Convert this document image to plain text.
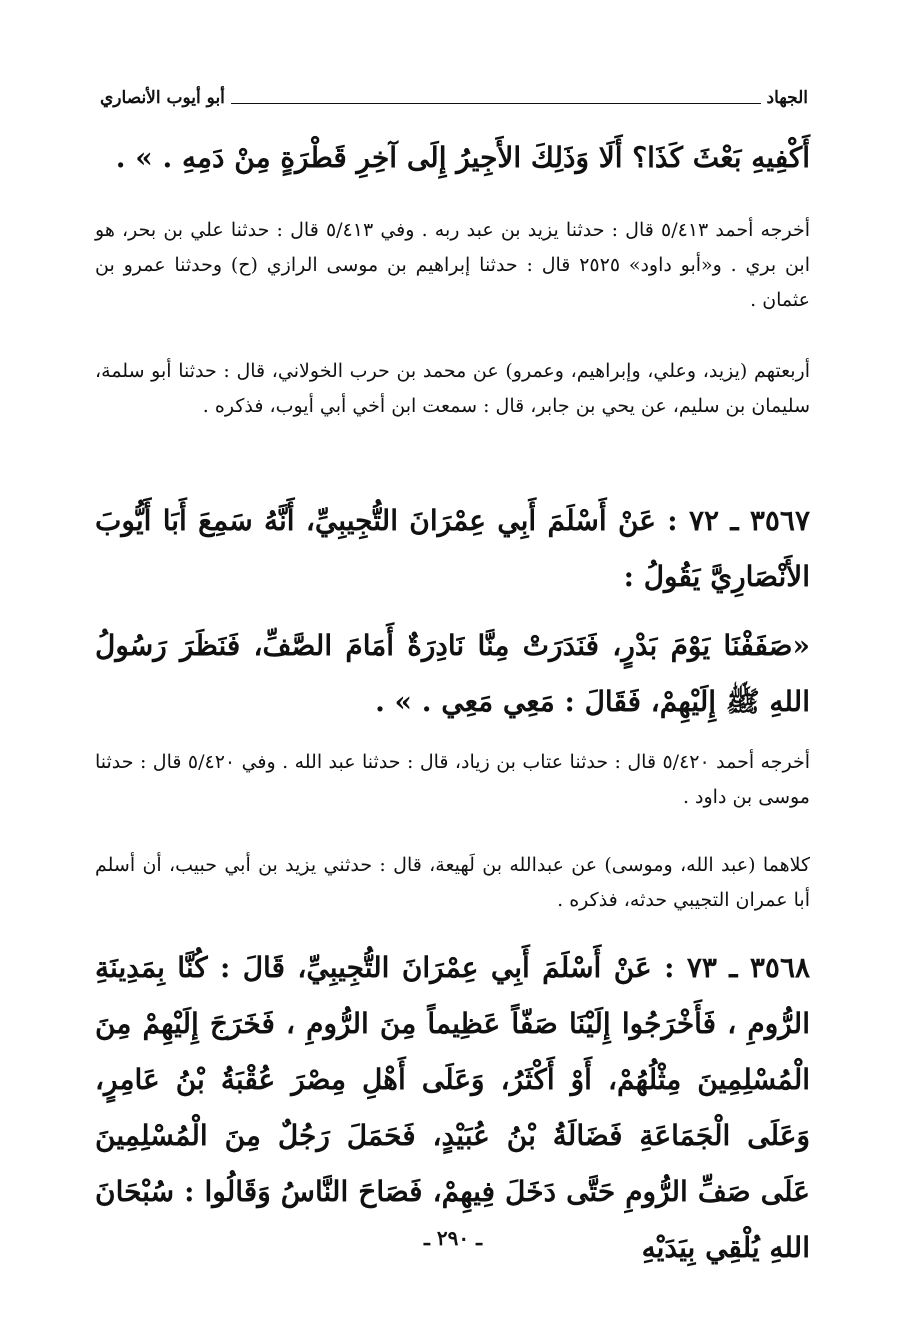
الجهاد
أبو أيوب الأنصاري
أَكْفِيهِ بَعْثَ كَذَا؟ أَلَا وَذَلِكَ الأَجِيرُ إِلَى آخِرِ قَطْرَةٍ مِنْ دَمِهِ . » .
أخرجه أحمد ٥/٤١٣ قال : حدثنا يزيد بن عبد ربه . وفي ٥/٤١٣ قال : حدثنا علي بن بحر، هو ابن بري . و«أبو داود» ٢٥٢٥ قال : حدثنا إبراهيم بن موسى الرازي (ح) وحدثنا عمرو بن عثمان .
أربعتهم (يزيد، وعلي، وإبراهيم، وعمرو) عن محمد بن حرب الخولاني، قال : حدثنا أبو سلمة، سليمان بن سليم، عن يحي بن جابر، قال : سمعت ابن أخي أبي أيوب، فذكره .
٣٥٦٧ ـ ٧٢ : عَنْ أَسْلَمَ أَبِي عِمْرَانَ التُّجِيبِيِّ، أَنَّهُ سَمِعَ أَبَا أَيُّوبَ الأَنْصَارِيَّ يَقُولُ :
«صَفَفْنَا يَوْمَ بَدْرٍ، فَنَدَرَتْ مِنَّا نَادِرَةٌ أَمَامَ الصَّفِّ، فَنَظَرَ رَسُولُ اللهِ ﷺ إِلَيْهِمْ، فَقَالَ : مَعِي مَعِي . » .
أخرجه أحمد ٥/٤٢٠ قال : حدثنا عتاب بن زياد، قال : حدثنا عبد الله . وفي ٥/٤٢٠ قال : حدثنا موسى بن داود .
كلاهما (عبد الله، وموسى) عن عبدالله بن لَهيعة، قال : حدثني يزيد بن أبي حبيب، أن أسلم أبا عمران التجيبي حدثه، فذكره .
٣٥٦٨ ـ ٧٣ : عَنْ أَسْلَمَ أَبِي عِمْرَانَ التُّجِيبِيِّ، قَالَ : كُنَّا بِمَدِينَةِ الرُّومِ ، فَأَخْرَجُوا إِلَيْنَا صَفّاً عَظِيماً مِنَ الرُّومِ ، فَخَرَجَ إِلَيْهِمْ مِنَ الْمُسْلِمِينَ مِثْلُهُمْ، أَوْ أَكْثَرُ، وَعَلَى أَهْلِ مِصْرَ عُقْبَةُ بْنُ عَامِرٍ، وَعَلَى الْجَمَاعَةِ فَضَالَةُ بْنُ عُبَيْدٍ، فَحَمَلَ رَجُلٌ مِنَ الْمُسْلِمِينَ عَلَى صَفِّ الرُّومِ حَتَّى دَخَلَ فِيهِمْ، فَصَاحَ النَّاسُ وَقَالُوا : سُبْحَانَ اللهِ يُلْقِي بِيَدَيْهِ
ـ ٢٩٠ ـ
